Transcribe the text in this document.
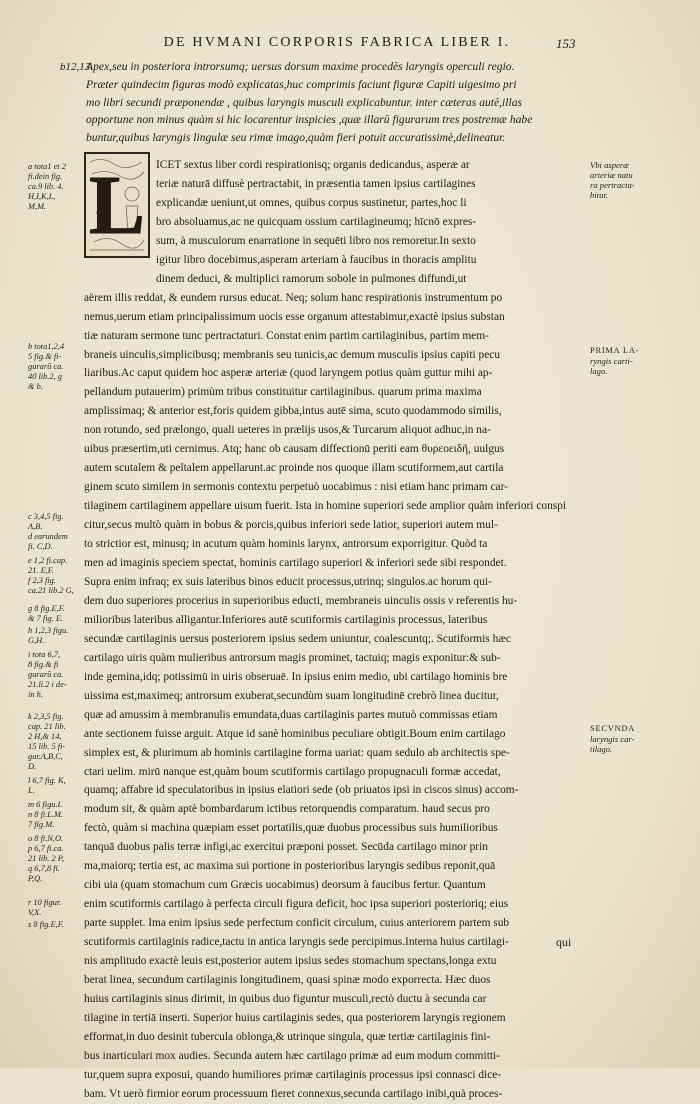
DE HVMANI CORPORIS FABRICA LIBER I.	153
b12,13
Apex,seu in posteriora introrsumq; uersus dorsum maxime procedēs laryngis operculi regio.
Præter quindecim figuras modò explicatas,huc comprimis faciunt figuræ Capiti uigesimo pri
mo libri secundi præponendæ , quibus laryngis musculi explicabuntur. inter cæteras autē,illas
opportune non minus quàm si hic locarentur inspicies ,quæ illarū figurarum tres postremæ habe
buntur,quibus laryngis lingulæ seu rimæ imago,quàm fieri potuit accuratissimè,delineatur.
L ICET sextus liber cordi respirationisq; organis dedicandus, asperæ ar
teriæ naturā diffusè pertractabit, in præsentia tamen ipsius cartilagines
explicandæ ueniunt,ut omnes, quibus corpus sustinetur, partes,hoc li
bro absoluamus,ac ne quicquam ossium cartilagineumq; hīcnō expres-
sum, à musculorum enarratione in sequēti libro nos remoretur.In sexto
igitur libro docebimus,asperam arteriam à faucibus in thoracis amplitu
dinem deduci, & multiplici ramorum sobole in pulmones diffundi,ut
aërem illis reddat, & eundem rursus educat. Neq; solum hanc respirationis instrumentum po
nemus,uerum etiam principalissimum uocis esse organum attestabimur,exactè ipsius substan
tiæ naturam sermone tunc pertractaturi. Constat enim partim cartilaginibus, partim mem-
braneis uinculis,simplicibusq; membranis seu tunicis,ac demum musculis ipsius capiti pecu
liaribus.Ac caput quidem hoc asperæ arteriæ (quod laryngem potius quàm guttur mihi ap-
pellandum putauerim) primùm tribus constituitur cartilaginibus. quarum prima maxima
amplissimaq; & anterior est,foris quidem gibba,intus autē sima, scuto quodammodo similis,
non rotundo, sed prælongo, quali ueteres in prælijs usos,& Turcarum aliquot adhuc,in na-
uibus præsertim,uti cernimus. Atq; hanc ob causam diffectionū periti eam θυρεοειδῆ, uulgus
autem scutalem & peltalem appellarunt.ac proinde nos quoque illam scutiformem,aut cartila
ginem scuto similem in sermonis contextu perpetuò uocabimus : nisi etiam hanc primam car-
tilaginem cartilaginem appellare uisum fuerit. Ista in homine superiori sede amplior quàm inferiori conspi
citur,secus multò quàm in bobus & porcis,quibus inferiori sede latior, superiori autem mul-
to strictior est, minusq; in acutum quàm hominis larynx, antrorsum exporrigitur. Quòd ta
men ad imaginis speciem spectat, hominis cartilago superiori & inferiori sede sibi respondet.
Supra enim infraq; ex suis lateribus binos educit processus,utrinq; singulos.ac horum qui-
dem duo superiores procerius in superioribus educti, membraneis uinculis ossis ν referentis hu-
milioribus lateribus alligantur.Inferiores autē scutiformis cartilaginis processus, lateribus
secundæ cartilaginis uersus posteriorem ipsius sedem uniuntur, coalescuntq;. Scutiformis hæc
cartilago uiris quàm mulieribus antrorsum magis prominet, tactuiq; magis exponitur:& sub-
inde gemina,idq; potissimū in uiris obseruaē. In ipsius enim medio, ubi cartilago hominis bre
uissima est,maximeq; antrorsum exuberat,secundùm suam longitudinē crebrò linea ducitur,
quæ ad amussim à membranulis emundata,duas cartilaginis partes mutuò commissas etiam
ante sectionem fuisse arguit. Atque id sanè hominibus peculiare obtigit.Boum enim cartilago
simplex est, & plurimum ab hominis cartilagine forma uariat: quam sedulo ab architectis spe-
ctari uelim. mirū nanque est,quàm boum scutiformis cartilago propugnaculi formæ accedat,
quamq; affabre id speculatoribus in ipsius elatiori sede (ob priuatos ipsi in ciscos sinus) accom-
modum sit, & quàm aptè bombardarum ictibus retorquendis comparatum. haud secus pro
fectò, quàm si machina quæpiam esset portatilis,quæ duobus processibus suis humilioribus
tanquā duobus palis terræ infigi,ac exercitui præponi posset. Secūda cartilago minor prin
ma,maiorq; tertia est, ac maxima sui portione in posterioribus laryngis sedibus reponit,quā
cibi uia (quam stomachum cum Græcis uocabimus) deorsum à faucibus fertur. Quantum
enim scutiformis cartilago à perfecta circuli figura deficit, hoc ipsa superiori posterioriq; eius
parte supplet. Ima enim ipsius sede perfectum conficit circulum, cuius anteriorem partem sub
scutiformis cartilaginis radice,tactu in antica laryngis sede percipimus.Interna huius cartilagi-
nis amplitudo exactè leuis est,posterior autem ipsius sedes stomachum spectans,longa extu
berat linea, secundum cartilaginis longitudinem, quasi spinæ modo exporrecta. Hæc duos
huius cartilaginis sinus dirimit, in quibus duo figuntur musculi,rectò ductu à secunda car
tilagine in tertiā inserti. Superior huius cartilaginis sedes, qua posteriorem laryngis regionem
efformat,in duo desinit tubercula oblonga,& utrinque singula, quæ tertiæ cartilaginis fini-
bus inarticulari mox audies. Secunda autem hæc cartilago primæ ad eum modum committi-
tur,quem supra exposui, quando humiliores primæ cartilaginis processus ipsi connasci dice-
bam. Vt uerò firmior eorum processuum fieret connexus,secunda cartilago inibi,quà proces-
qui
a tota1 et 2
fi.dein fig.
ca.9 lib. 4.
H,I,K,L,
M,M.
b tota1,2,4
5 fig.& fi-
gurarū ca.
40 lib.2, g
& b.
c 3,4,5 fig.
A,B.
d earundem
fi. C,D.
e 1,2 fi.cap.
21. E,F.
f 2,3 fig.
ca.21 lib.2 G,
g 8 fig.E,F.
& 7 fig. E.
h 1,2,3 figu.
G,H.
i tota 6,7,
8 fig.& fi
gurarū ca.
21.li.2 i de-
in h.
k 2,3,5 fig.
cap. 21 lib.
2 H,& 14,
15 lib. 5 fi-
gur.A,B,C,
D.
l 6,7 fig. K,
L.
m 6 figu.I.
n 8 fi.L.M.
7 fig.M.
o 8 fi.N,O.
p 6,7 fi.ca.
21 lib. 2 P,
q 6,7,8 fi.
P,Q.
r 10 figur.
V,X.
s 8 fig.E,F.
Vbi asperæ
arteriæ natu
ra pertracta-
bitur.
PRIMA LA-
ryngis carti-
lago.
SECVNDA
laryngis car-
tilago.
